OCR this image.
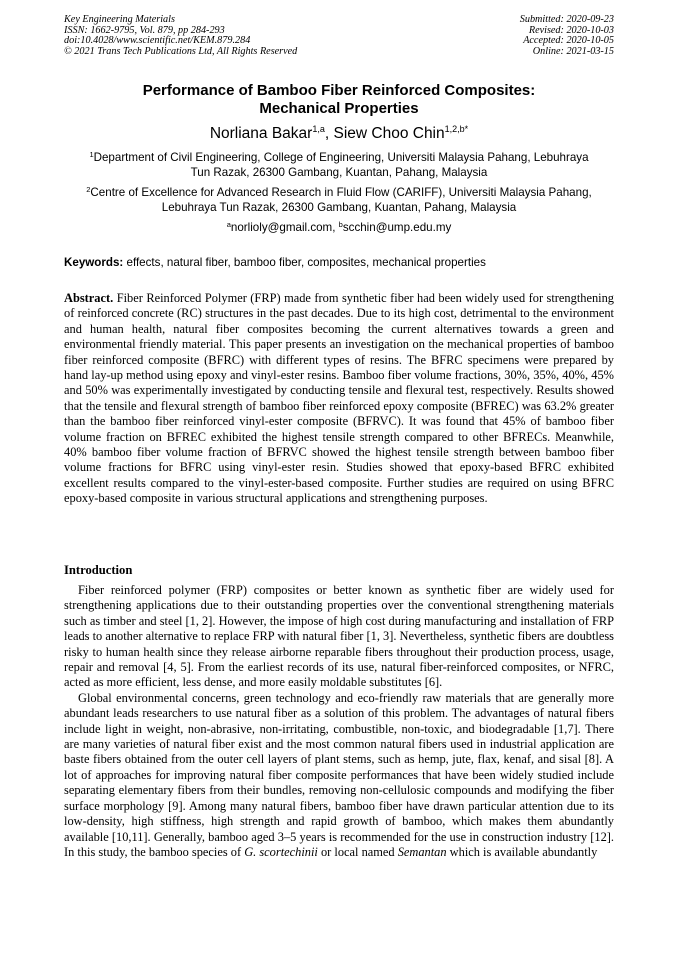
Key Engineering Materials
ISSN: 1662-9795, Vol. 879, pp 284-293
doi:10.4028/www.scientific.net/KEM.879.284
© 2021 Trans Tech Publications Ltd, All Rights Reserved
Submitted: 2020-09-23
Revised: 2020-10-03
Accepted: 2020-10-05
Online: 2021-03-15
Performance of Bamboo Fiber Reinforced Composites:
Mechanical Properties
Norliana Bakar$^{1,a}$, Siew Choo Chin$^{1,2,b*}$
$^1$Department of Civil Engineering, College of Engineering, Universiti Malaysia Pahang, Lebuhraya
Tun Razak, 26300 Gambang, Kuantan, Pahang, Malaysia
$^2$Centre of Excellence for Advanced Research in Fluid Flow (CARIFF), Universiti Malaysia Pahang,
Lebuhraya Tun Razak, 26300 Gambang, Kuantan, Pahang, Malaysia
$^a$norlioly@gmail.com, $^b$scchin@ump.edu.my
Keywords: effects, natural fiber, bamboo fiber, composites, mechanical properties
Abstract. Fiber Reinforced Polymer (FRP) made from synthetic fiber had been widely used for strengthening of reinforced concrete (RC) structures in the past decades. Due to its high cost, detrimental to the environment and human health, natural fiber composites becoming the current alternatives towards a green and environmental friendly material. This paper presents an investigation on the mechanical properties of bamboo fiber reinforced composite (BFRC) with different types of resins. The BFRC specimens were prepared by hand lay-up method using epoxy and vinyl-ester resins. Bamboo fiber volume fractions, 30%, 35%, 40%, 45% and 50% was experimentally investigated by conducting tensile and flexural test, respectively. Results showed that the tensile and flexural strength of bamboo fiber reinforced epoxy composite (BFREC) was 63.2% greater than the bamboo fiber reinforced vinyl-ester composite (BFRVC). It was found that 45% of bamboo fiber volume fraction on BFREC exhibited the highest tensile strength compared to other BFRECs. Meanwhile, 40% bamboo fiber volume fraction of BFRVC showed the highest tensile strength between bamboo fiber volume fractions for BFRC using vinyl-ester resin. Studies showed that epoxy-based BFRC exhibited excellent results compared to the vinyl-ester-based composite. Further studies are required on using BFRC epoxy-based composite in various structural applications and strengthening purposes.
Introduction

Fiber reinforced polymer (FRP) composites or better known as synthetic fiber are widely used for strengthening applications due to their outstanding properties over the conventional strengthening materials such as timber and steel [1, 2]. However, the impose of high cost during manufacturing and installation of FRP leads to another alternative to replace FRP with natural fiber [1, 3]. Nevertheless, synthetic fibers are doubtless risky to human health since they release airborne reparable fibers throughout their production process, usage, repair and removal [4, 5]. From the earliest records of its use, natural fiber-reinforced composites, or NFRC, acted as more efficient, less dense, and more easily moldable substitutes [6].

Global environmental concerns, green technology and eco-friendly raw materials that are generally more abundant leads researchers to use natural fiber as a solution of this problem. The advantages of natural fibers include light in weight, non-abrasive, non-irritating, combustible, non-toxic, and biodegradable [1,7]. There are many varieties of natural fiber exist and the most common natural fibers used in industrial application are baste fibers obtained from the outer cell layers of plant stems, such as hemp, jute, flax, kenaf, and sisal [8]. A lot of approaches for improving natural fiber composite performances that have been widely studied include separating elementary fibers from their bundles, removing non-cellulosic compounds and modifying the fiber surface morphology [9]. Among many natural fibers, bamboo fiber have drawn particular attention due to its low-density, high stiffness, high strength and rapid growth of bamboo, which makes them abundantly available [10,11]. Generally, bamboo aged 3–5 years is recommended for the use in construction industry [12]. In this study, the bamboo species of G. scortechinii or local named Semantan which is available abundantly
